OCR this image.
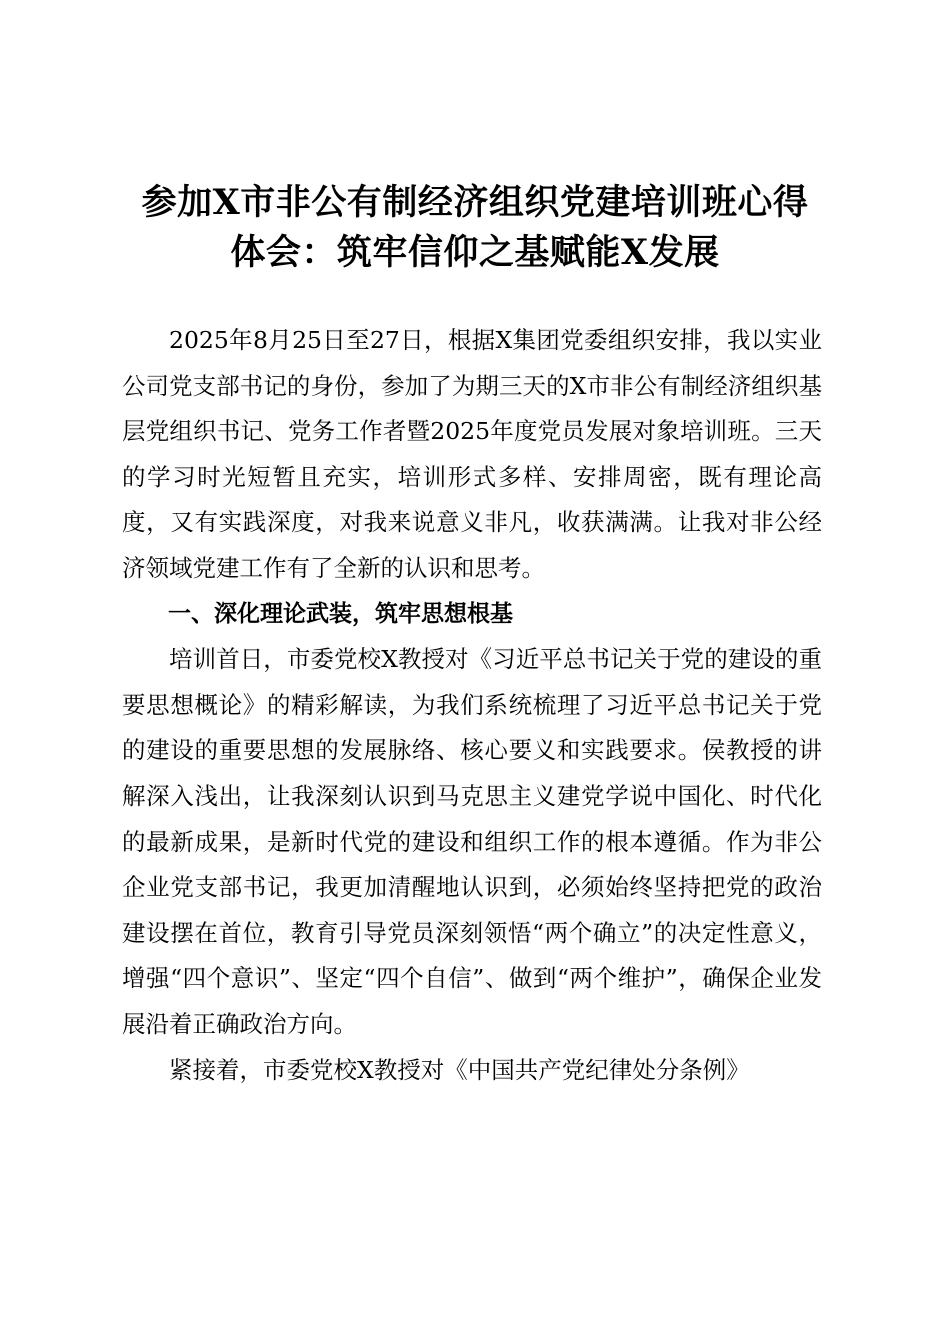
参加X市非公有制经济组织党建培训班心得
体会：筑牢信仰之基赋能X发展

2025年8月25日至27日，根据X集团党委组织安排，我以实业公司党支部书记的身份，参加了为期三天的X市非公有制经济组织基层党组织书记、党务工作者暨2025年度党员发展对象培训班。三天的学习时光短暂且充实，培训形式多样、安排周密，既有理论高度，又有实践深度，对我来说意义非凡，收获满满。让我对非公经济领域党建工作有了全新的认识和思考。

一、深化理论武装，筑牢思想根基

培训首日，市委党校X教授对《习近平总书记关于党的建设的重要思想概论》的精彩解读，为我们系统梳理了习近平总书记关于党的建设的重要思想的发展脉络、核心要义和实践要求。侯教授的讲解深入浅出，让我深刻认识到马克思主义建党学说中国化、时代化的最新成果，是新时代党的建设和组织工作的根本遵循。作为非公企业党支部书记，我更加清醒地认识到，必须始终坚持把党的政治建设摆在首位，教育引导党员深刻领悟“两个确立”的决定性意义，增强“四个意识”、坚定“四个自信”、做到“两个维护”，确保企业发展沿着正确政治方向。

紧接着，市委党校X教授对《中国共产党纪律处分条例》
